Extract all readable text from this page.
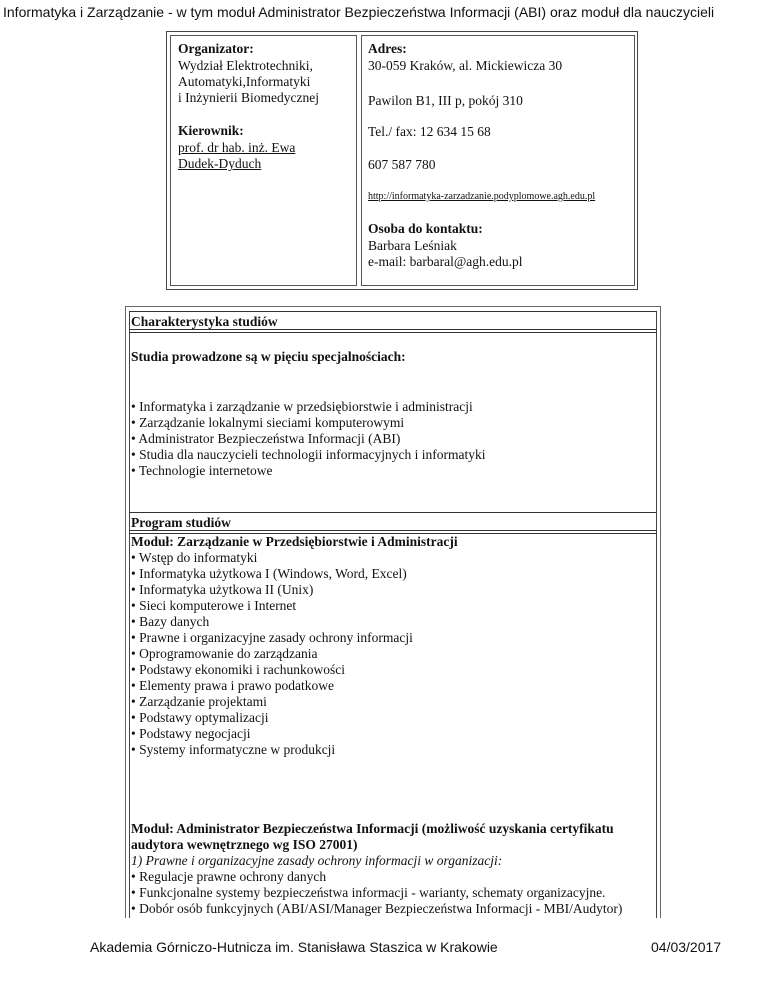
Informatyka i Zarządzanie - w tym moduł Administrator Bezpieczeństwa Informacji (ABI) oraz moduł dla nauczycieli
Organizator:
Wydział Elektrotechniki,
Automatyki,Informatyki
i Inżynierii Biomedycznej
Kierownik:
prof. dr hab. inż. Ewa
Dudek-Dyduch
Adres:
30-059 Kraków, al. Mickiewicza 30
Pawilon B1, III p, pokój 310
Tel./ fax: 12 634 15 68
607 587 780
http://informatyka-zarzadzanie.podyplomowe.agh.edu.pl
Osoba do kontaktu:
Barbara Leśniak
e-mail: barbaral@agh.edu.pl
Charakterystyka studiów
Studia prowadzone są w pięciu specjalnościach:
• Informatyka i zarządzanie w przedsiębiorstwie i administracji
• Zarządzanie lokalnymi sieciami komputerowymi
• Administrator Bezpieczeństwa Informacji (ABI)
• Studia dla nauczycieli technologii informacyjnych i informatyki
• Technologie internetowe
Program studiów
Moduł: Zarządzanie w Przedsiębiorstwie i Administracji
• Wstęp do informatyki
• Informatyka użytkowa I (Windows, Word, Excel)
• Informatyka użytkowa II (Unix)
• Sieci komputerowe i Internet
• Bazy danych
• Prawne i organizacyjne zasady ochrony informacji
• Oprogramowanie do zarządzania
• Podstawy ekonomiki i rachunkowości
• Elementy prawa i prawo podatkowe
• Zarządzanie projektami
• Podstawy optymalizacji
• Podstawy negocjacji
• Systemy informatyczne w produkcji
Moduł: Administrator Bezpieczeństwa Informacji (możliwość uzyskania certyfikatu
audytora wewnętrznego wg ISO 27001)
1) Prawne i organizacyjne zasady ochrony informacji w organizacji:
• Regulacje prawne ochrony danych
• Funkcjonalne systemy bezpieczeństwa informacji - warianty, schematy organizacyjne.
• Dobór osób funkcyjnych (ABI/ASI/Manager Bezpieczeństwa Informacji - MBI/Audytor)
Akademia Górniczo-Hutnicza im. Stanisława Staszica w Krakowie	04/03/2017
